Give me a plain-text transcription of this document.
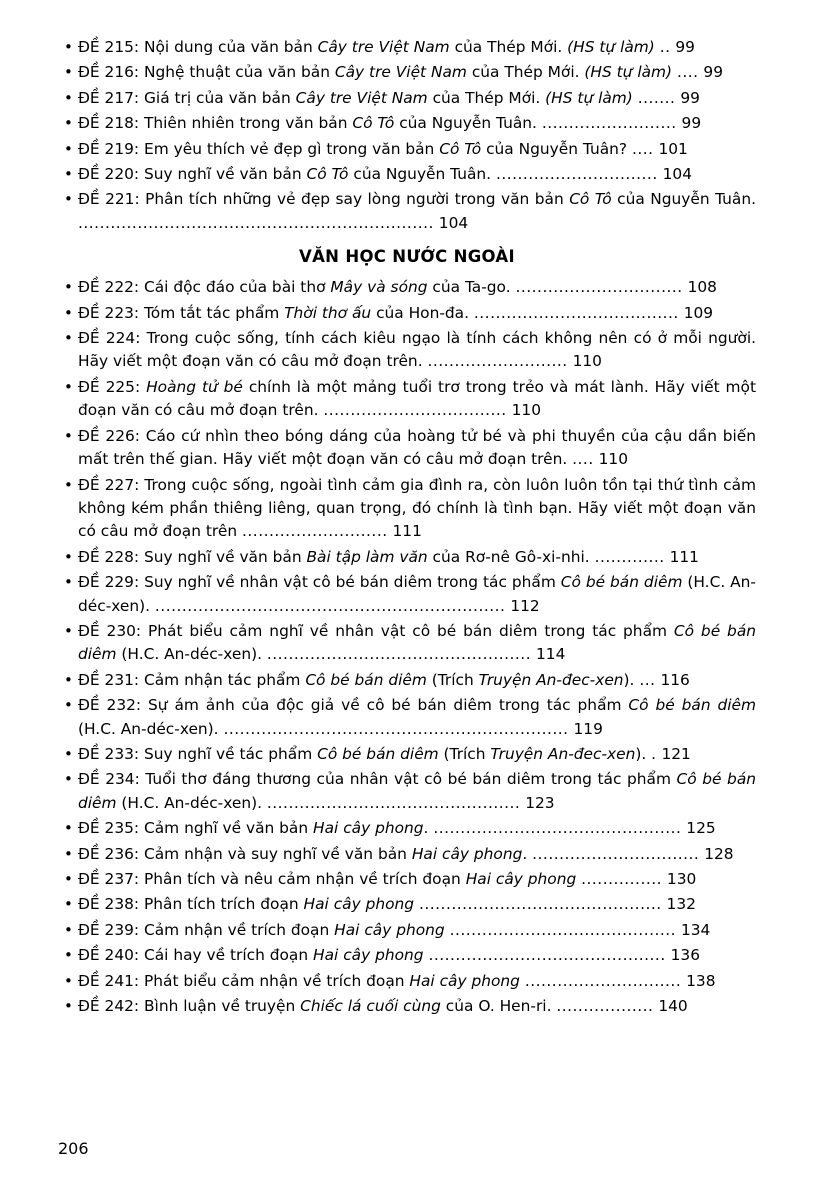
•
ĐỀ 215: Nội dung của văn bản Cây tre Việt Nam của Thép Mới. (HS tự làm) .. 99
•
ĐỀ 216: Nghệ thuật của văn bản Cây tre Việt Nam của Thép Mới. (HS tự làm) .... 99
•
ĐỀ 217: Giá trị của văn bản Cây tre Việt Nam của Thép Mới. (HS tự làm) ....... 99
•
ĐỀ 218: Thiên nhiên trong văn bản Cô Tô của Nguyễn Tuân. ......................... 99
•
ĐỀ 219: Em yêu thích vẻ đẹp gì trong văn bản Cô Tô của Nguyễn Tuân? .... 101
•
ĐỀ 220: Suy nghĩ về văn bản Cô Tô của Nguyễn Tuân. .............................. 104
•
ĐỀ 221: Phân tích những vẻ đẹp say lòng người trong văn bản Cô Tô của Nguyễn Tuân. .................................................................. 104
VĂN HỌC NƯỚC NGOÀI
•
ĐỀ 222: Cái độc đáo của bài thơ Mây và sóng của Ta-go. ............................... 108
•
ĐỀ 223: Tóm tắt tác phẩm Thời thơ ấu của Hon-đa. ...................................... 109
•
ĐỀ 224: Trong cuộc sống, tính cách kiêu ngạo là tính cách không nên có ở mỗi người. Hãy viết một đoạn văn có câu mở đoạn trên. .......................... 110
•
ĐỀ 225: Hoàng tử bé chính là một mảng tuổi trơ trong trẻo và mát lành. Hãy viết một đoạn văn có câu mở đoạn trên. .................................. 110
•
ĐỀ 226: Cáo cứ nhìn theo bóng dáng của hoàng tử bé và phi thuyền của cậu dần biến mất trên thế gian. Hãy viết một đoạn văn có câu mở đoạn trên. .... 110
•
ĐỀ 227: Trong cuộc sống, ngoài tình cảm gia đình ra, còn luôn luôn tồn tại thứ tình cảm không kém phần thiêng liêng, quan trọng, đó chính là tình bạn. Hãy viết một đoạn văn có câu mở đoạn trên ........................... 111
•
ĐỀ 228: Suy nghĩ về văn bản Bài tập làm văn của Rơ-nê Gô-xi-nhi. ............. 111
•
ĐỀ 229: Suy nghĩ về nhân vật cô bé bán diêm trong tác phẩm Cô bé bán diêm (H.C. An-déc-xen). ................................................................. 112
•
ĐỀ 230: Phát biểu cảm nghĩ về nhân vật cô bé bán diêm trong tác phẩm Cô bé bán diêm (H.C. An-déc-xen). ................................................. 114
•
ĐỀ 231: Cảm nhận tác phẩm Cô bé bán diêm (Trích Truyện An-đec-xen). ... 116
•
ĐỀ 232: Sự ám ảnh của độc giả về cô bé bán diêm trong tác phẩm Cô bé bán diêm (H.C. An-déc-xen). ................................................................ 119
•
ĐỀ 233: Suy nghĩ về tác phẩm Cô bé bán diêm (Trích Truyện An-đec-xen). . 121
•
ĐỀ 234: Tuổi thơ đáng thương của nhân vật cô bé bán diêm trong tác phẩm Cô bé bán diêm (H.C. An-déc-xen). ............................................... 123
•
ĐỀ 235: Cảm nghĩ về văn bản Hai cây phong. .............................................. 125
•
ĐỀ 236: Cảm nhận và suy nghĩ về văn bản Hai cây phong. ............................... 128
•
ĐỀ 237: Phân tích và nêu cảm nhận về trích đoạn Hai cây phong ............... 130
•
ĐỀ 238: Phân tích trích đoạn Hai cây phong ............................................. 132
•
ĐỀ 239: Cảm nhận về trích đoạn Hai cây phong .......................................... 134
•
ĐỀ 240: Cái hay về trích đoạn Hai cây phong ............................................ 136
•
ĐỀ 241: Phát biểu cảm nhận về trích đoạn Hai cây phong ............................. 138
•
ĐỀ 242: Bình luận về truyện Chiếc lá cuối cùng của O. Hen-ri. .................. 140
206
